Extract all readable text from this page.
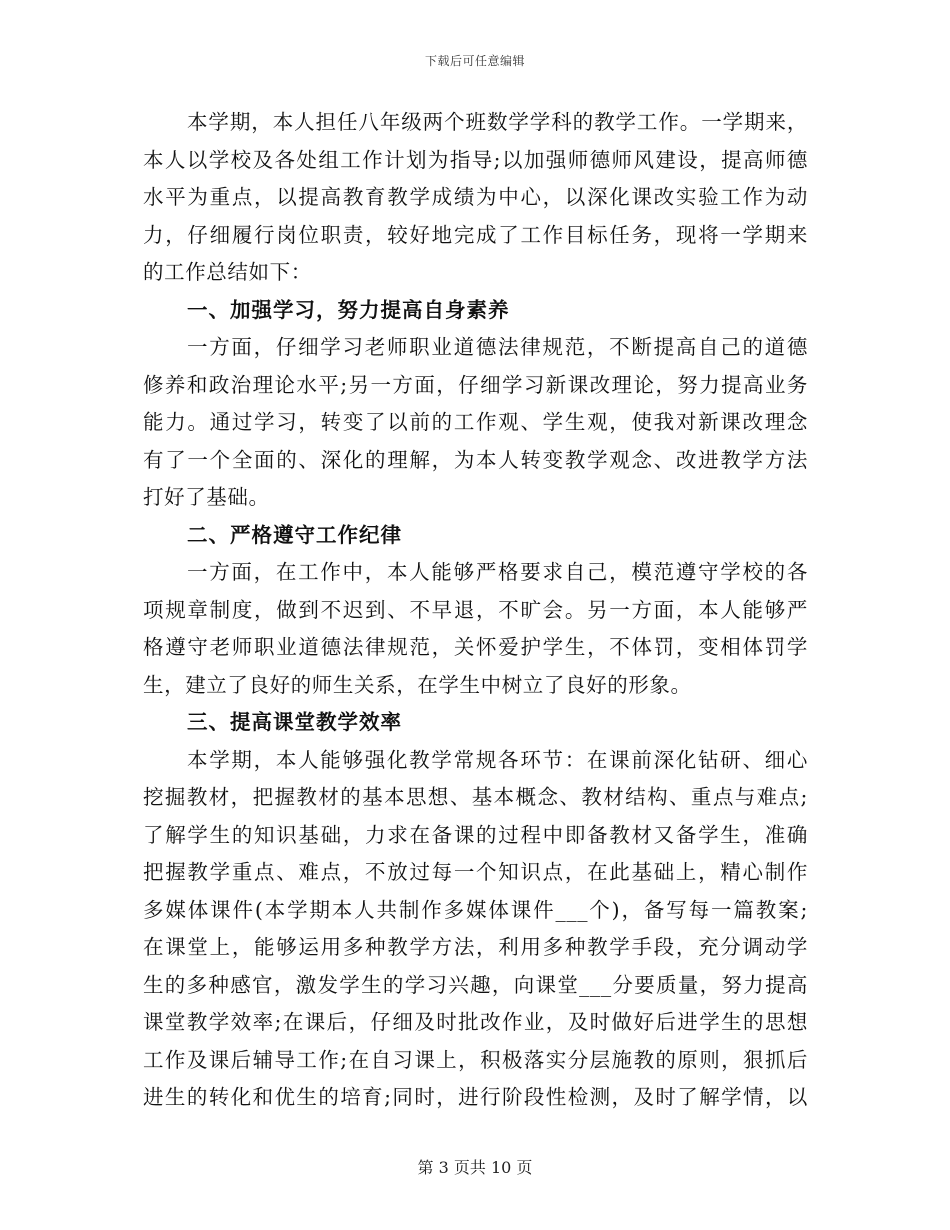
下载后可任意编辑

本学期，本人担任八年级两个班数学学科的教学工作。一学期来，

本人以学校及各处组工作计划为指导;以加强师德师风建设，提高师德

水平为重点，以提高教育教学成绩为中心，以深化课改实验工作为动

力，仔细履行岗位职责，较好地完成了工作目标任务，现将一学期来

的工作总结如下：

一、加强学习，努力提高自身素养

一方面，仔细学习老师职业道德法律规范，不断提高自己的道德

修养和政治理论水平;另一方面，仔细学习新课改理论，努力提高业务

能力。通过学习，转变了以前的工作观、学生观，使我对新课改理念

有了一个全面的、深化的理解，为本人转变教学观念、改进教学方法

打好了基础。

二、严格遵守工作纪律

一方面，在工作中，本人能够严格要求自己，模范遵守学校的各

项规章制度，做到不迟到、不早退，不旷会。另一方面，本人能够严

格遵守老师职业道德法律规范，关怀爱护学生，不体罚，变相体罚学

生，建立了良好的师生关系，在学生中树立了良好的形象。

三、提高课堂教学效率

本学期，本人能够强化教学常规各环节：在课前深化钻研、细心

挖掘教材，把握教材的基本思想、基本概念、教材结构、重点与难点;

了解学生的知识基础，力求在备课的过程中即备教材又备学生，准确

把握教学重点、难点，不放过每一个知识点，在此基础上，精心制作

多媒体课件(本学期本人共制作多媒体课件___个)，备写每一篇教案;

在课堂上，能够运用多种教学方法，利用多种教学手段，充分调动学

生的多种感官，激发学生的学习兴趣，向课堂___分要质量，努力提高

课堂教学效率;在课后，仔细及时批改作业，及时做好后进学生的思想

工作及课后辅导工作;在自习课上，积极落实分层施教的原则，狠抓后

进生的转化和优生的培育;同时，进行阶段性检测，及时了解学情，以

第 3 页共 10 页
